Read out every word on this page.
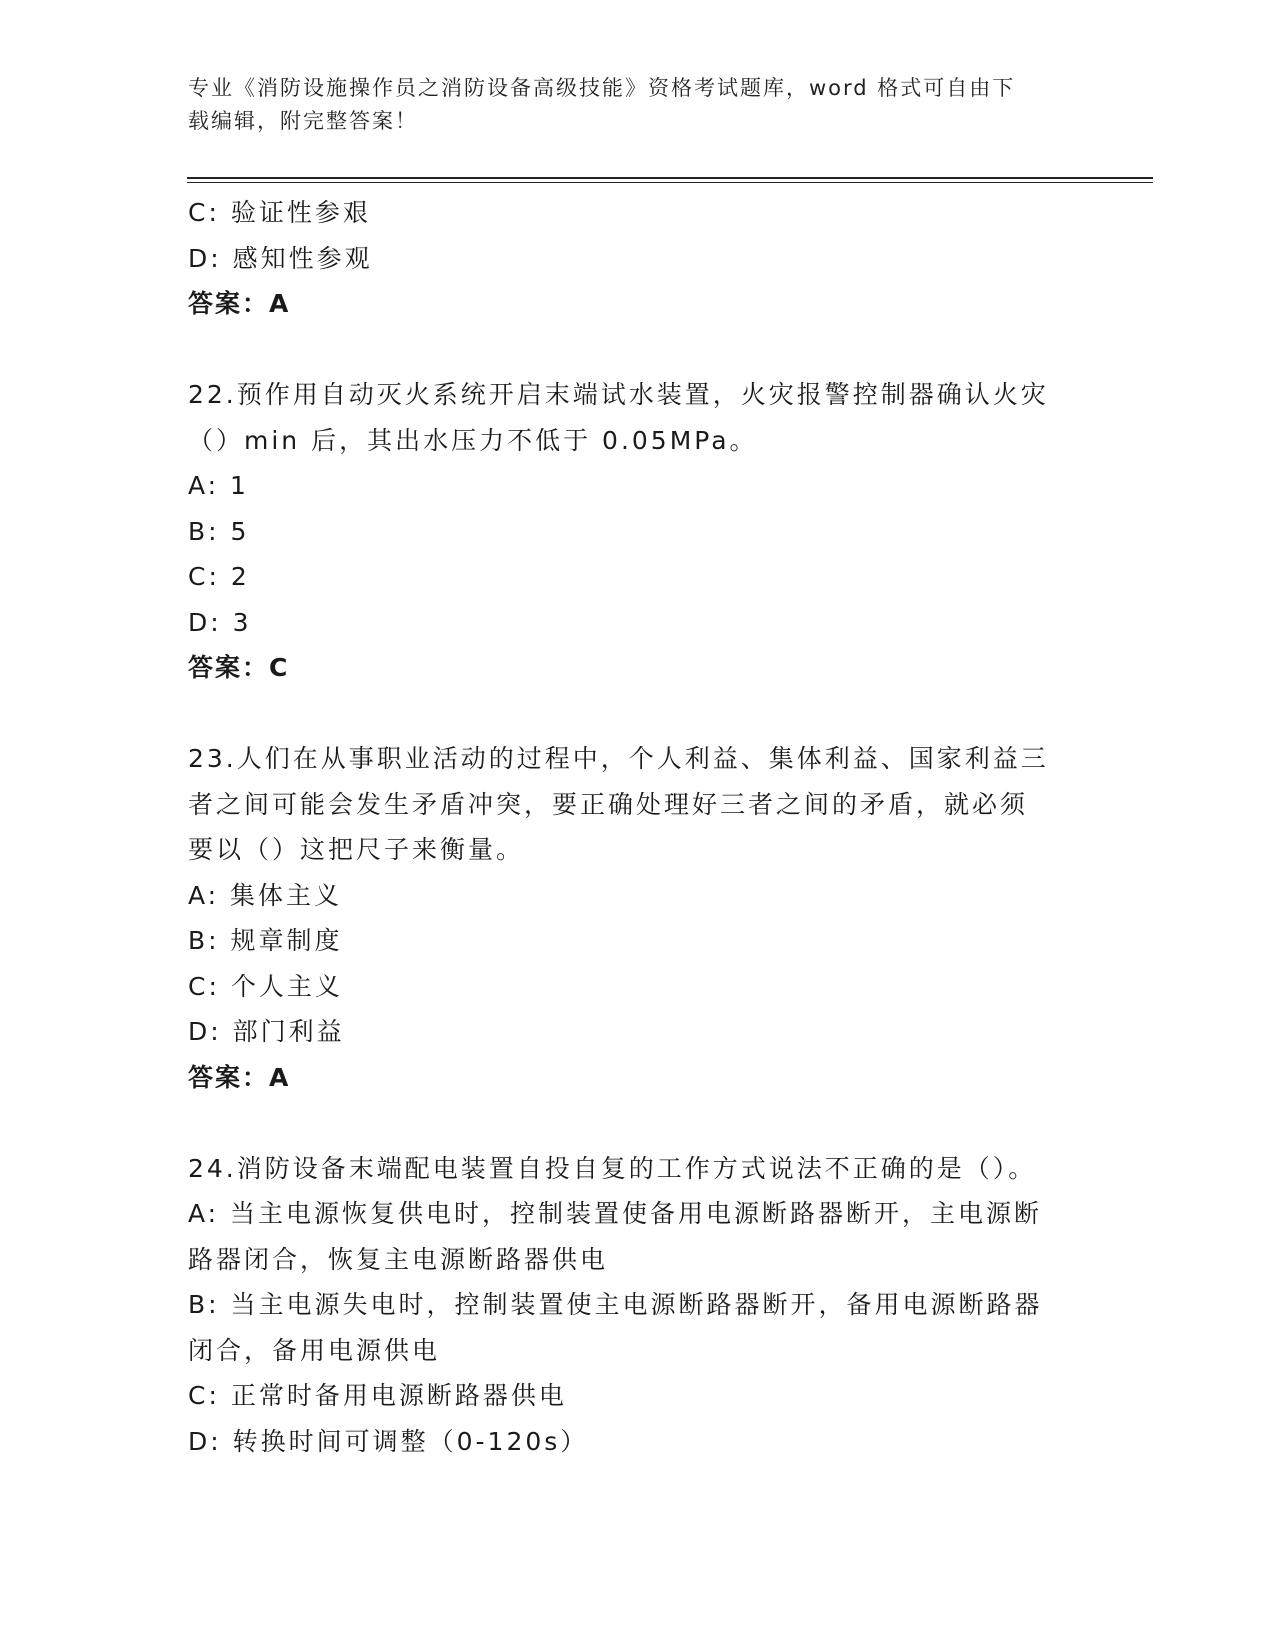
专业《消防设施操作员之消防设备高级技能》资格考试题库，word 格式可自由下
载编辑，附完整答案！
C: 验证性参艰
D: 感知性参观
答案：A
22.预作用自动灭火系统开启末端试水装置，火灾报警控制器确认火灾
（）min 后，其出水压力不低于 0.05MPa。
A: 1
B: 5
C: 2
D: 3
答案：C
23.人们在从事职业活动的过程中，个人利益、集体利益、国家利益三
者之间可能会发生矛盾冲突，要正确处理好三者之间的矛盾，就必须
要以（）这把尺子来衡量。
A: 集体主义
B: 规章制度
C: 个人主义
D: 部门利益
答案：A
24.消防设备末端配电装置自投自复的工作方式说法不正确的是（）。
A: 当主电源恢复供电时，控制装置使备用电源断路器断开，主电源断
路器闭合，恢复主电源断路器供电
B: 当主电源失电时，控制装置使主电源断路器断开，备用电源断路器
闭合，备用电源供电
C: 正常时备用电源断路器供电
D: 转换时间可调整（0-120s）
